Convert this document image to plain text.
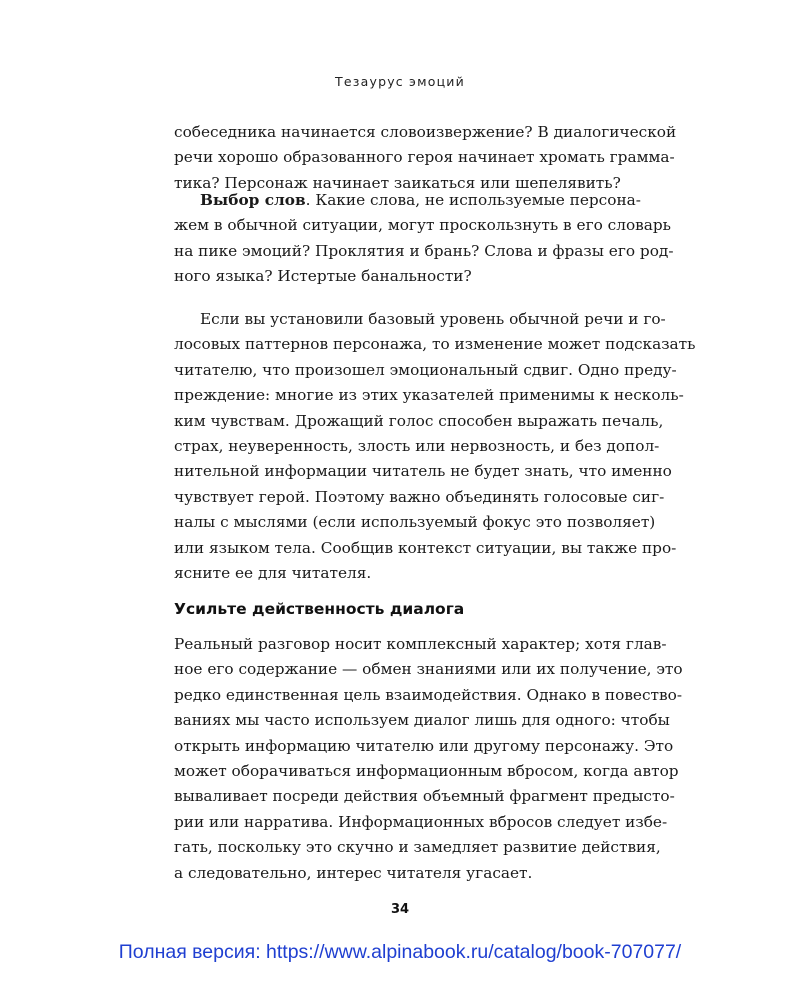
Тезаурус эмоций
собеседника начинается словоизвержение? В диалогической
речи хорошо образованного героя начинает хромать грамма-
тика? Персонаж начинает заикаться или шепелявить?
Выбор слов. Какие слова, не используемые персона-
жем в обычной ситуации, могут проскользнуть в его словарь
на пике эмоций? Проклятия и брань? Слова и фразы его род-
ного языка? Истертые банальности?
Если вы установили базовый уровень обычной речи и го-
лосовых паттернов персонажа, то изменение может подсказать
читателю, что произошел эмоциональный сдвиг. Одно преду-
преждение: многие из этих указателей применимы к несколь-
ким чувствам. Дрожащий голос способен выражать печаль,
страх, неуверенность, злость или нервозность, и без допол-
нительной информации читатель не будет знать, что именно
чувствует герой. Поэтому важно объединять голосовые сиг-
налы с мыслями (если используемый фокус это позволяет)
или языком тела. Сообщив контекст ситуации, вы также про-
ясните ее для читателя.
Усильте действенность диалога
Реальный разговор носит комплексный характер; хотя глав-
ное его содержание — обмен знаниями или их получение, это
редко единственная цель взаимодействия. Однако в повество-
ваниях мы часто используем диалог лишь для одного: чтобы
открыть информацию читателю или другому персонажу. Это
может оборачиваться информационным вбросом, когда автор
вываливает посреди действия объемный фрагмент предысто-
рии или нарратива. Информационных вбросов следует избе-
гать, поскольку это скучно и замедляет развитие действия,
а следовательно, интерес читателя угасает.
34
Полная версия: https://www.alpinabook.ru/catalog/book-707077/
